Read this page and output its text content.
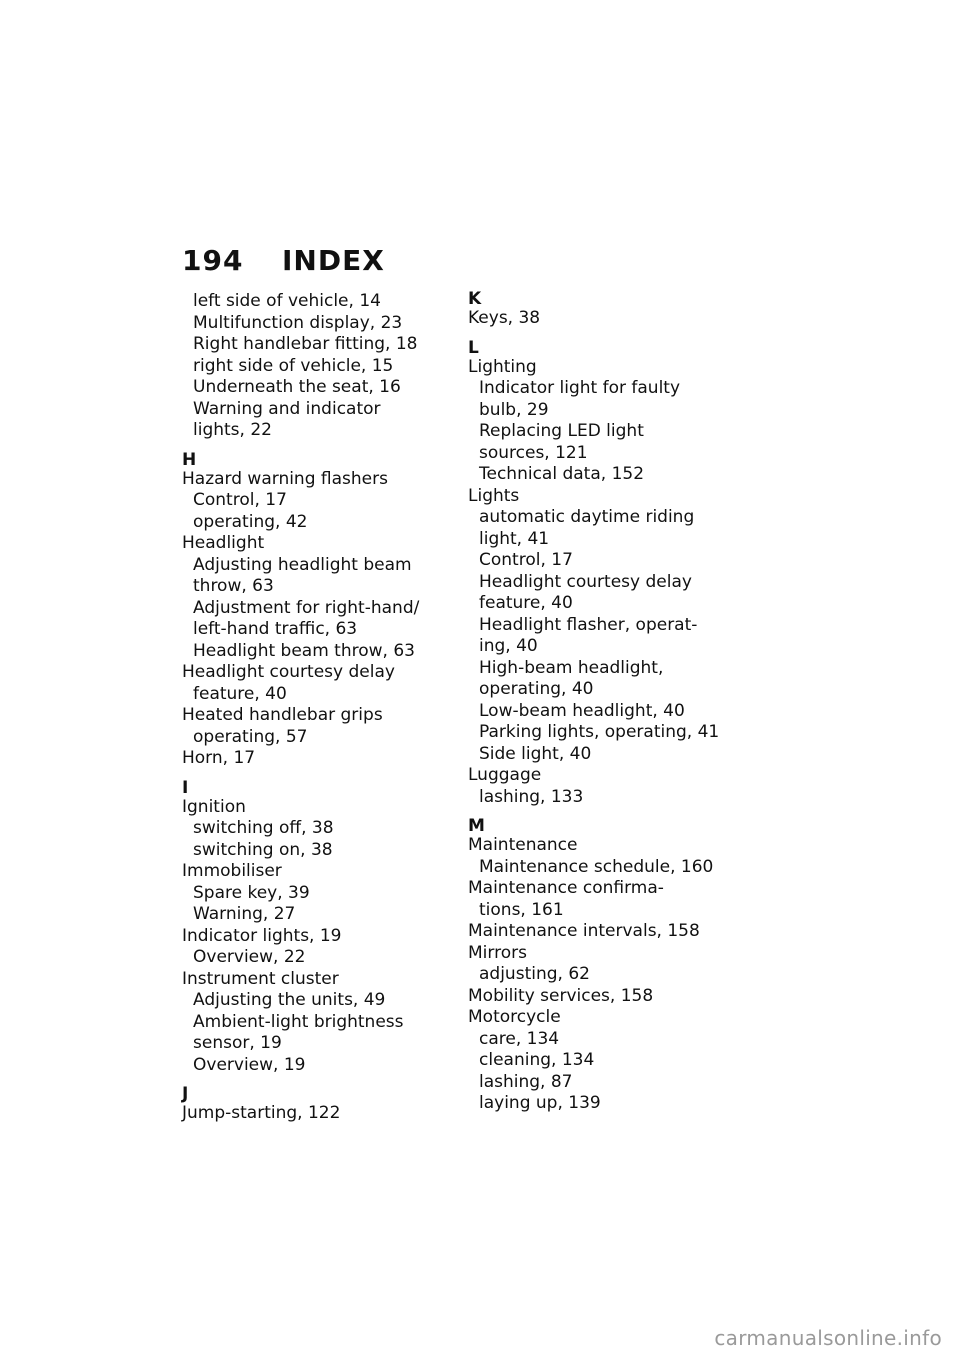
194	INDEX
left side of vehicle, 14
Multifunction display, 23
Right handlebar fitting, 18
right side of vehicle, 15
Underneath the seat, 16
Warning and indicator
lights, 22
H
Hazard warning flashers
Control, 17
operating, 42
Headlight
Adjusting headlight beam
throw, 63
Adjustment for right-hand/
left-hand traffic, 63
Headlight beam throw, 63
Headlight courtesy delay
feature, 40
Heated handlebar grips
operating, 57
Horn, 17
I
Ignition
switching off, 38
switching on, 38
Immobiliser
Spare key, 39
Warning, 27
Indicator lights, 19
Overview, 22
Instrument cluster
Adjusting the units, 49
Ambient-light brightness
sensor, 19
Overview, 19
J
Jump-starting, 122
K
Keys, 38
L
Lighting
Indicator light for faulty
bulb, 29
Replacing LED light
sources, 121
Technical data, 152
Lights
automatic daytime riding
light, 41
Control, 17
Headlight courtesy delay
feature, 40
Headlight flasher, operat-
ing, 40
High-beam headlight,
operating, 40
Low-beam headlight, 40
Parking lights, operating, 41
Side light, 40
Luggage
lashing, 133
M
Maintenance
Maintenance schedule, 160
Maintenance confirma-
tions, 161
Maintenance intervals, 158
Mirrors
adjusting, 62
Mobility services, 158
Motorcycle
care, 134
cleaning, 134
lashing, 87
laying up, 139
carmanualsonline.info
